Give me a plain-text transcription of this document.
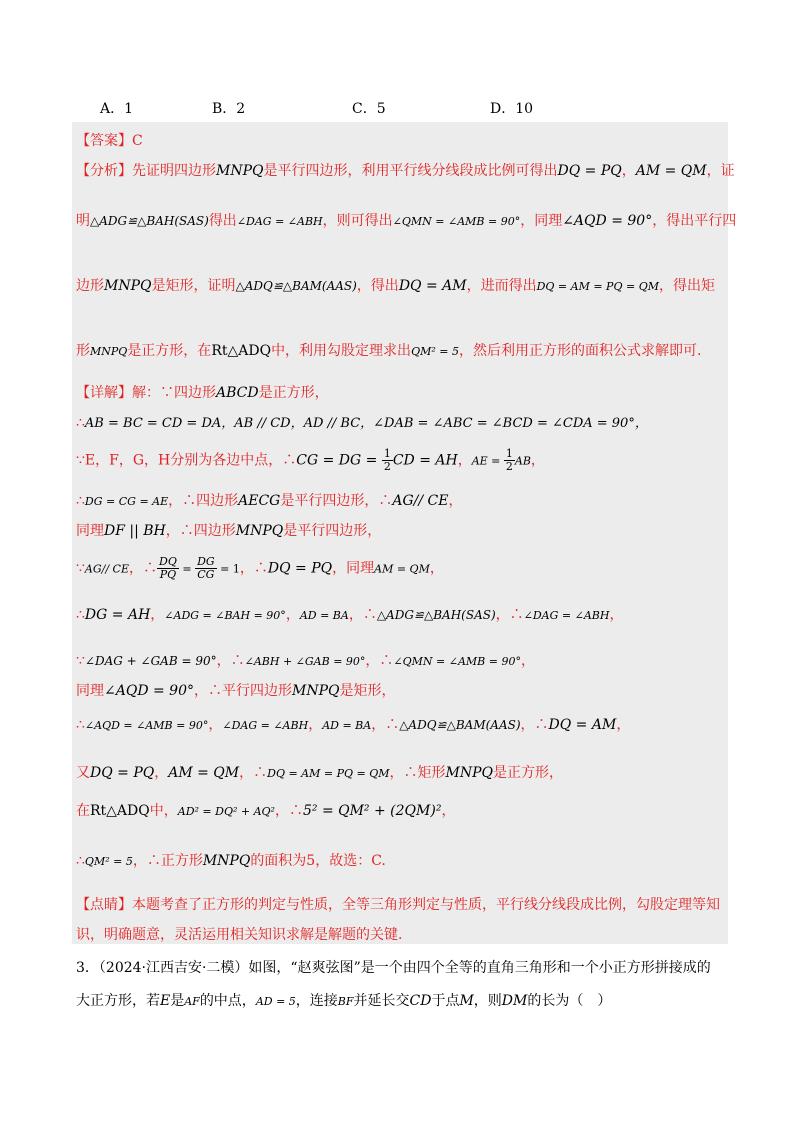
A．1	B．2	C．5	D．10
【答案】C
【分析】先证明四边形MNPQ是平行四边形，利用平行线分线段成比例可得出DQ = PQ，AM = QM，证
明△ADG≌△BAH(SAS)得出∠DAG = ∠ABH，则可得出∠QMN = ∠AMB = 90°，同理∠AQD = 90°，得出平行四
边形MNPQ是矩形，证明△ADQ≌△BAM(AAS)，得出DQ = AM，进而得出DQ = AM = PQ = QM，得出矩
形MNPQ是正方形，在Rt△ADQ中，利用勾股定理求出QM² = 5，然后利用正方形的面积公式求解即可.
【详解】解：∵四边形ABCD是正方形，
∴AB = BC = CD = DA，AB // CD，AD // BC，∠DAB = ∠ABC = ∠BCD = ∠CDA = 90°，
∵E，F，G，H分别为各边中点，∴CG = DG = $\frac{1}{2}$ CD = AH，AE = $\frac{1}{2}$ AB，
∴DG = CG = AE，∴四边形AECG是平行四边形，∴AG// CE，
同理DF || BH，∴四边形MNPQ是平行四边形，
∵AG// CE，∴ $\frac{DQ}{PQ} = \frac{DG}{CG} = 1$，∴DQ = PQ，同理AM = QM，
∴DG = AH，∠ADG = ∠BAH = 90°，AD = BA，∴△ADG≌△BAH(SAS)，∴∠DAG = ∠ABH，
∵∠DAG + ∠GAB = 90°，∴∠ABH + ∠GAB = 90°，∴∠QMN = ∠AMB = 90°，
同理∠AQD = 90°，∴平行四边形MNPQ是矩形，
∴∠AQD = ∠AMB = 90°，∠DAG = ∠ABH，AD = BA，∴△ADQ≌△BAM(AAS)，∴DQ = AM，
又DQ = PQ，AM = QM，∴DQ = AM = PQ = QM，∴矩形MNPQ是正方形，
在Rt△ADQ中，AD² = DQ² + AQ²，∴5² = QM² + (2QM)²，
∴QM² = 5，∴正方形MNPQ的面积为5，故选：C.
【点睛】本题考查了正方形的判定与性质，全等三角形判定与性质，平行线分线段成比例，勾股定理等知
识，明确题意，灵活运用相关知识求解是解题的关键.
3．（2024·江西吉安·二模）如图，“赵爽弦图”是一个由四个全等的直角三角形和一个小正方形拼接成的
大正方形，若E是AF的中点，AD = 5，连接BF并延长交CD于点M，则DM的长为（　）
